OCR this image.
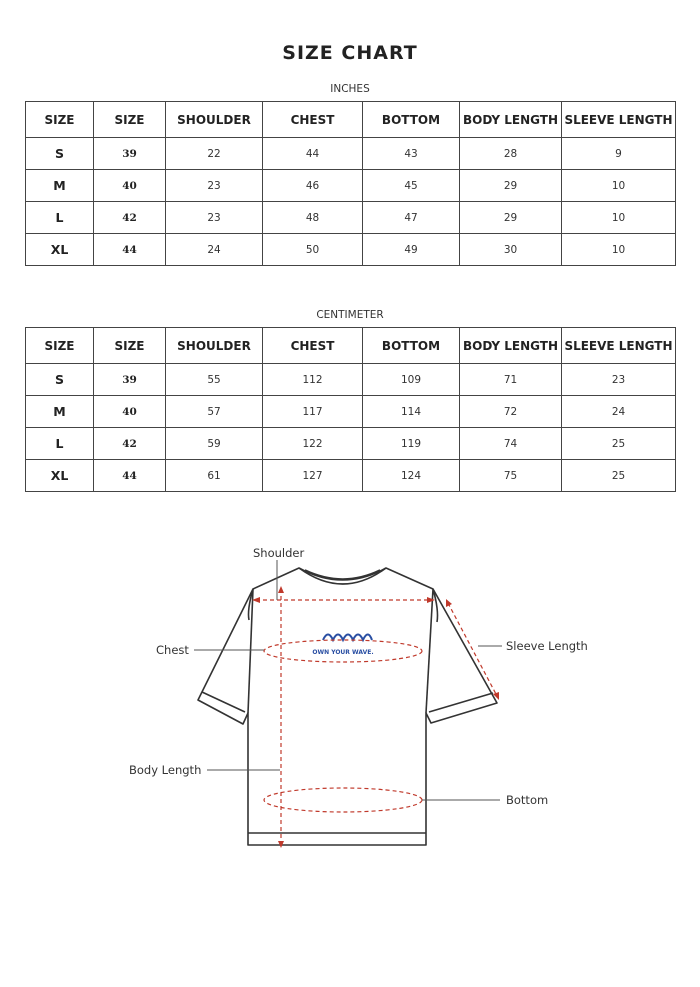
SIZE CHART
INCHES
SIZE	SIZE	SHOULDER	CHEST	BOTTOM	BODY LENGTH	SLEEVE LENGTH
S	39	22	44	43	28	9
M	40	23	46	45	29	10
L	42	23	48	47	29	10
XL	44	24	50	49	30	10
CENTIMETER
SIZE	SIZE	SHOULDER	CHEST	BOTTOM	BODY LENGTH	SLEEVE LENGTH
S	39	55	112	109	71	23
M	40	57	117	114	72	24
L	42	59	122	119	74	25
XL	44	61	127	124	75	25
OWN YOUR WAVE.
Shoulder
Chest	Sleeve Length
Body Length
Bottom
